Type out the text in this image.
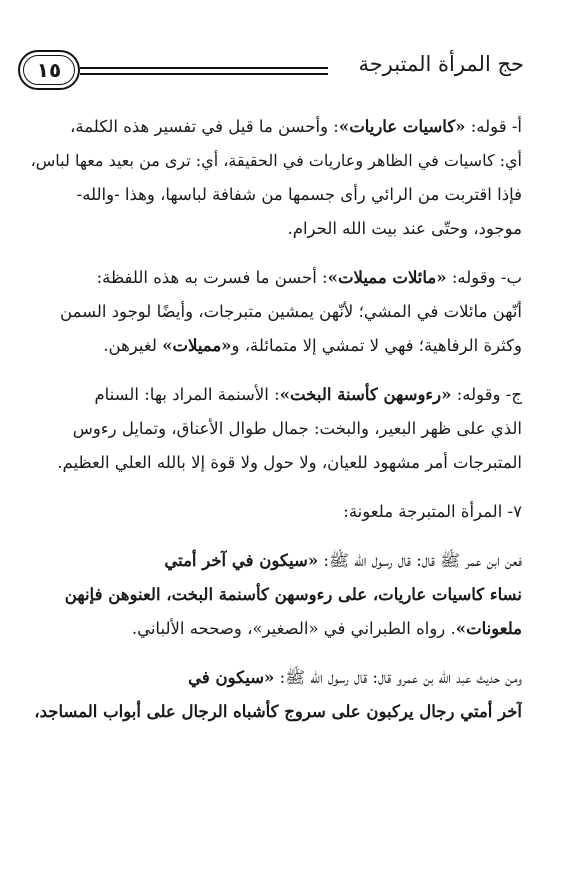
١٥	حج المرأة المتبرجة
أ- قوله: «كاسيات عاريات»: وأحسن ما قيل في تفسير هذه الكلمة،
أي: كاسيات في الظاهر وعاريات في الحقيقة، أي: ترى من بعيد معها لباس،
فإذا اقتربت من الرائي رأى جسمها من شفافة لباسها، وهذا -والله-
موجود، وحتّى عند بيت الله الحرام.
ب- وقوله: «مائلات مميلات»: أحسن ما فسرت به هذه اللفظة:
أنّهن مائلات في المشي؛ لأنّهن يمشين متبرجات، وأيضًا لوجود السمن
وكثرة الرفاهية؛ فهي لا تمشي إلا متمائلة، و«مميلات» لغيرهن.
ج- وقوله: «رءوسهن كأسنة البخت»: الأسنمة المراد بها: السنام
الذي على ظهر البعير، والبخت: جمال طوال الأعناق، وتمايل رءوس
المتبرجات أمر مشهود للعيان، ولا حول ولا قوة إلا بالله العلي العظيم.
٧- المرأة المتبرجة ملعونة:
فعن ابن عمر ﷺ قال: قال رسول الله ﷺ: «سيكون في آخر أمتي
نساء كاسيات عاريات، على رءوسهن كأسنمة البخت، العنوهن فإنهن
ملعونات». رواه الطبراني في «الصغير»، وصححه الألباني.
ومن حديث عبد الله بن عمرو قال: قال رسول الله ﷺ: «سيكون في
آخر أمتي رجال يركبون على سروج كأشباه الرجال على أبواب المساجد،
